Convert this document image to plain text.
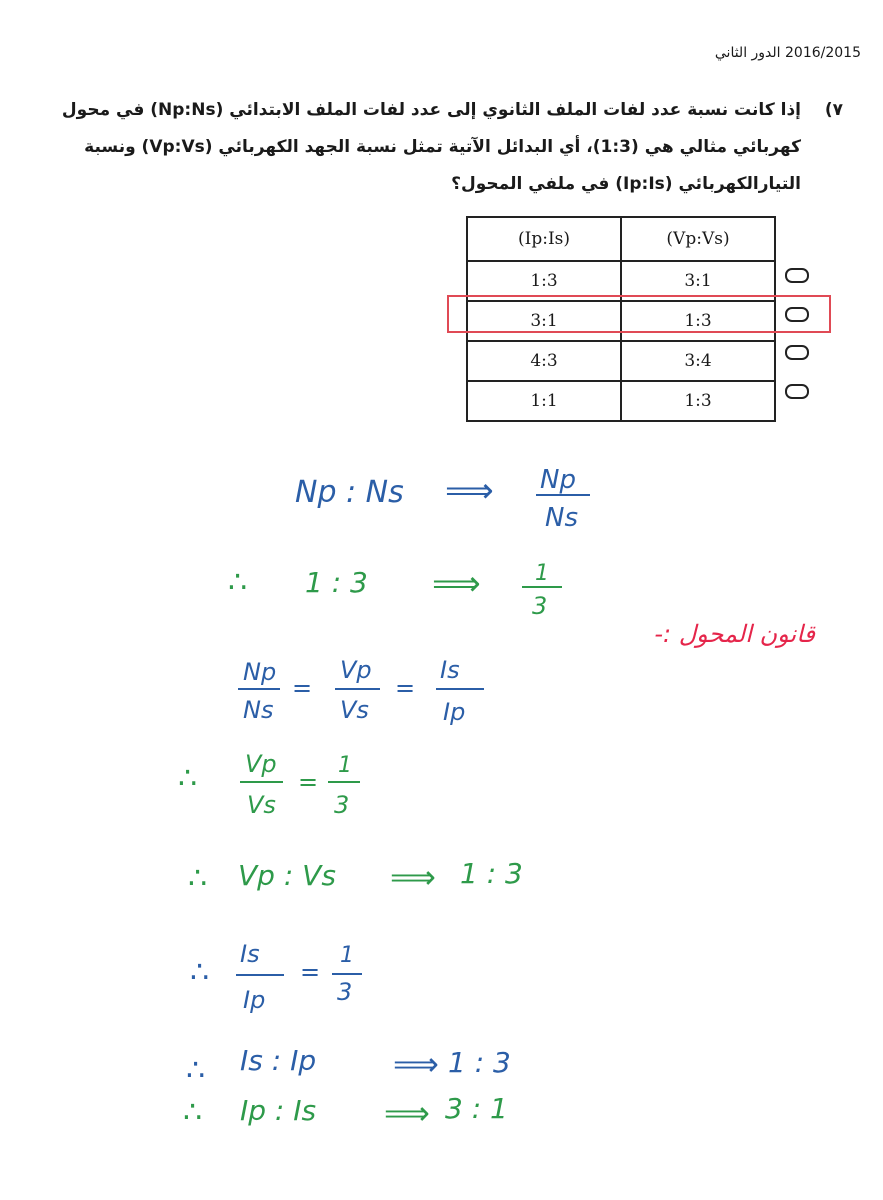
2016/2015 الدور الثاني
٧)
إذا كانت نسبة عدد لفات الملف الثانوي إلى عدد لفات الملف الابتدائي (Np:Ns) في محول كهربائي مثالي هي (1:3)، أي البدائل الآتية تمثل نسبة الجهد الكهربائي (Vp:Vs) ونسبة التيارالكهربائي (Ip:Is) في ملفي المحول؟
(Ip:Is)	(Vp:Vs)
1:3	3:1
3:1	1:3
4:3	3:4
1:1	1:3
Np : Ns ⟹ Np
Ns
∴ 1 : 3 ⟹ 1
3
قانون المحول :-
Np
Ns
=
Vp
Vs
=
Is
Ip
∴ Vp
Vs
=
1
3
∴ Vp : Vs ⟹ 1 : 3
∴
Is
Ip
=
1
3
∴ Is : Ip ⟹ 1 : 3
∴ Ip : Is ⟹ 3 : 1
